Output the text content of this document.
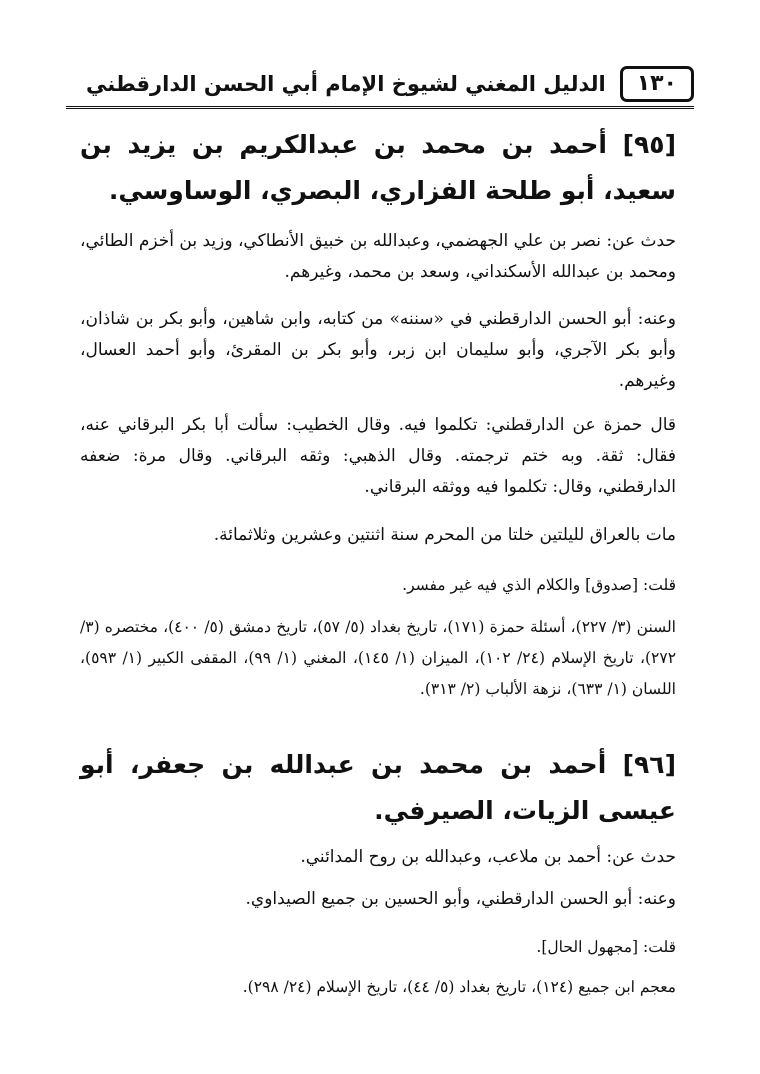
١٣٠
الدليل المغني لشيوخ الإمام أبي الحسن الدارقطني

[٩٥] أحمد بن محمد بن عبدالكريم بن يزيد بن سعيد، أبو طلحة الفزاري، البصري، الوساوسي.

حدث عن: نصر بن علي الجهضمي، وعبدالله بن خبيق الأنطاكي، وزيد بن أخزم الطائي، ومحمد بن عبدالله الأسكنداني، وسعد بن محمد، وغيرهم.

وعنه: أبو الحسن الدارقطني في «سننه» من كتابه، وابن شاهين، وأبو بكر بن شاذان، وأبو بكر الآجري، وأبو سليمان ابن زبر، وأبو بكر بن المقرئ، وأبو أحمد العسال، وغيرهم.

قال حمزة عن الدارقطني: تكلموا فيه. وقال الخطيب: سألت أبا بكر البرقاني عنه، فقال: ثقة. وبه ختم ترجمته. وقال الذهبي: وثقه البرقاني. وقال مرة: ضعفه الدارقطني، وقال: تكلموا فيه ووثقه البرقاني.

مات بالعراق لليلتين خلتا من المحرم سنة اثنتين وعشرين وثلاثمائة.

قلت: [صدوق] والكلام الذي فيه غير مفسر.

السنن (٣/ ٢٢٧)، أسئلة حمزة (١٧١)، تاريخ بغداد (٥/ ٥٧)، تاريخ دمشق (٥/ ٤٠٠)، مختصره (٣/ ٢٧٢)، تاريخ الإسلام (٢٤/ ١٠٢)، الميزان (١/ ١٤٥)، المغني (١/ ٩٩)، المقفى الكبير (١/ ٥٩٣)، اللسان (١/ ٦٣٣)، نزهة الألباب (٢/ ٣١٣).

[٩٦] أحمد بن محمد بن عبدالله بن جعفر، أبو عيسى الزيات، الصيرفي.

حدث عن: أحمد بن ملاعب، وعبدالله بن روح المدائني.

وعنه: أبو الحسن الدارقطني، وأبو الحسين بن جميع الصيداوي.

قلت: [مجهول الحال].

معجم ابن جميع (١٢٤)، تاريخ بغداد (٥/ ٤٤)، تاريخ الإسلام (٢٤/ ٢٩٨).
